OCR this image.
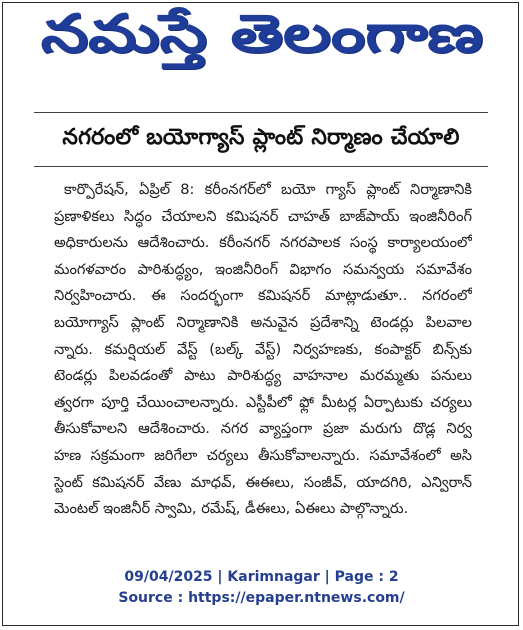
నమస్తే తెలంగాణ
నగరంలో బయోగ్యాస్‌ ప్లాంట్‌ నిర్మాణం చేయాలి
కార్పొరేషన్‌, ఏప్రిల్‌ 8: కరీంనగర్‌లో బయో గ్యాస్‌ ప్లాంట్‌ నిర్మాణానికి
ప్రణాళికలు సిద్ధం చేయాలని కమిషనర్‌ చాహత్‌ బాజ్‌పాయ్‌ ఇంజినీరింగ్‌
అధికారులను ఆదేశించారు. కరీంనగర్‌ నగరపాలక సంస్థ కార్యాలయంలో
మంగళవారం పారిశుద్ధ్యం, ఇంజినీరింగ్‌ విభాగం సమన్వయ సమావేశం
నిర్వహించారు. ఈ సందర్భంగా కమిషనర్‌ మాట్లాడుతూ.. నగరంలో
బయోగ్యాస్‌ ప్లాంట్‌ నిర్మాణానికి అనువైన ప్రదేశాన్ని టెండర్లు పిలవాల
న్నారు. కమర్షియల్‌ వేస్ట్‌ (బల్క్‌ వేస్ట్‌) నిర్వహణకు, కంపాక్టర్‌ బిన్స్‌కు
టెండర్లు పిలవడంతో పాటు పారిశుద్ధ్య వాహనాల మరమ్మతు పనులు
త్వరగా పూర్తి చేయించాలన్నారు. ఎస్టీపీలో ఫ్లో మీటర్ల ఏర్పాటుకు చర్యలు
తీసుకోవాలని ఆదేశించారు. నగర వ్యాప్తంగా ప్రజా మరుగు దొడ్ల నిర్వ
హణ సక్రమంగా జరిగేలా చర్యలు తీసుకోవాలన్నారు. సమావేశంలో అసి
స్టెంట్‌ కమిషనర్‌ వేణు మాధవ్‌, ఈఈలు, సంజీవ్‌, యాదగిరి, ఎన్విరాన్‌
మెంటల్‌ ఇంజినీర్‌ స్వామి, రమేష్‌, డీఈలు, ఏఈలు పాల్గొన్నారు.
09/04/2025 | Karimnagar | Page : 2
Source : https://epaper.ntnews.com/
